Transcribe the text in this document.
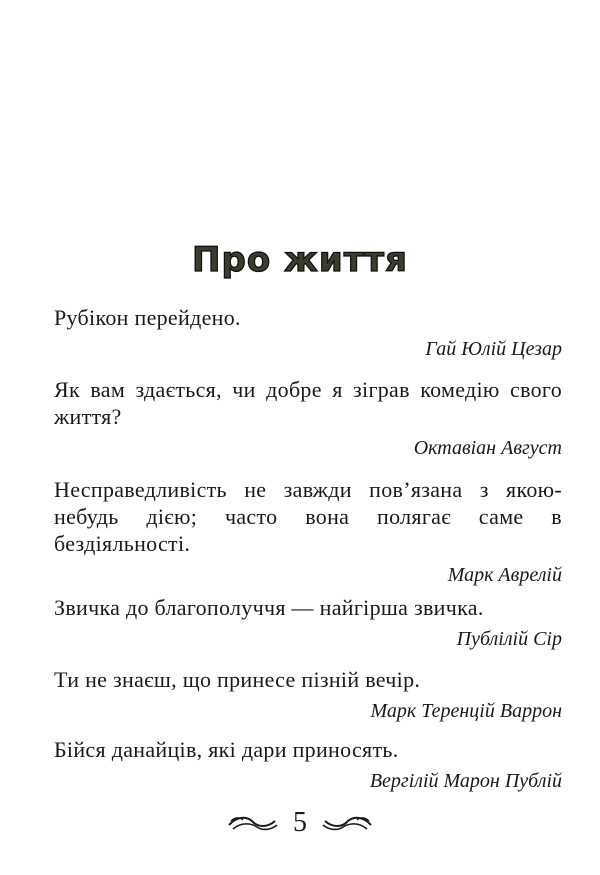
Про життя

Рубікон перейдено.

Гай Юлій Цезар

Як вам здається, чи добре я зіграв комедію свого життя?

Октавіан Август

Несправедливість не завжди пов’язана з якою-небудь дією; часто вона полягає саме в бездіяльності.

Марк Аврелій

Звичка до благополуччя — найгірша звичка.

Публілій Сір

Ти не знаєш, що принесе пізній вечір.

Марк Теренцій Варрон

Бійся данайців, які дари приносять.

Вергілій Марон Публій

5
